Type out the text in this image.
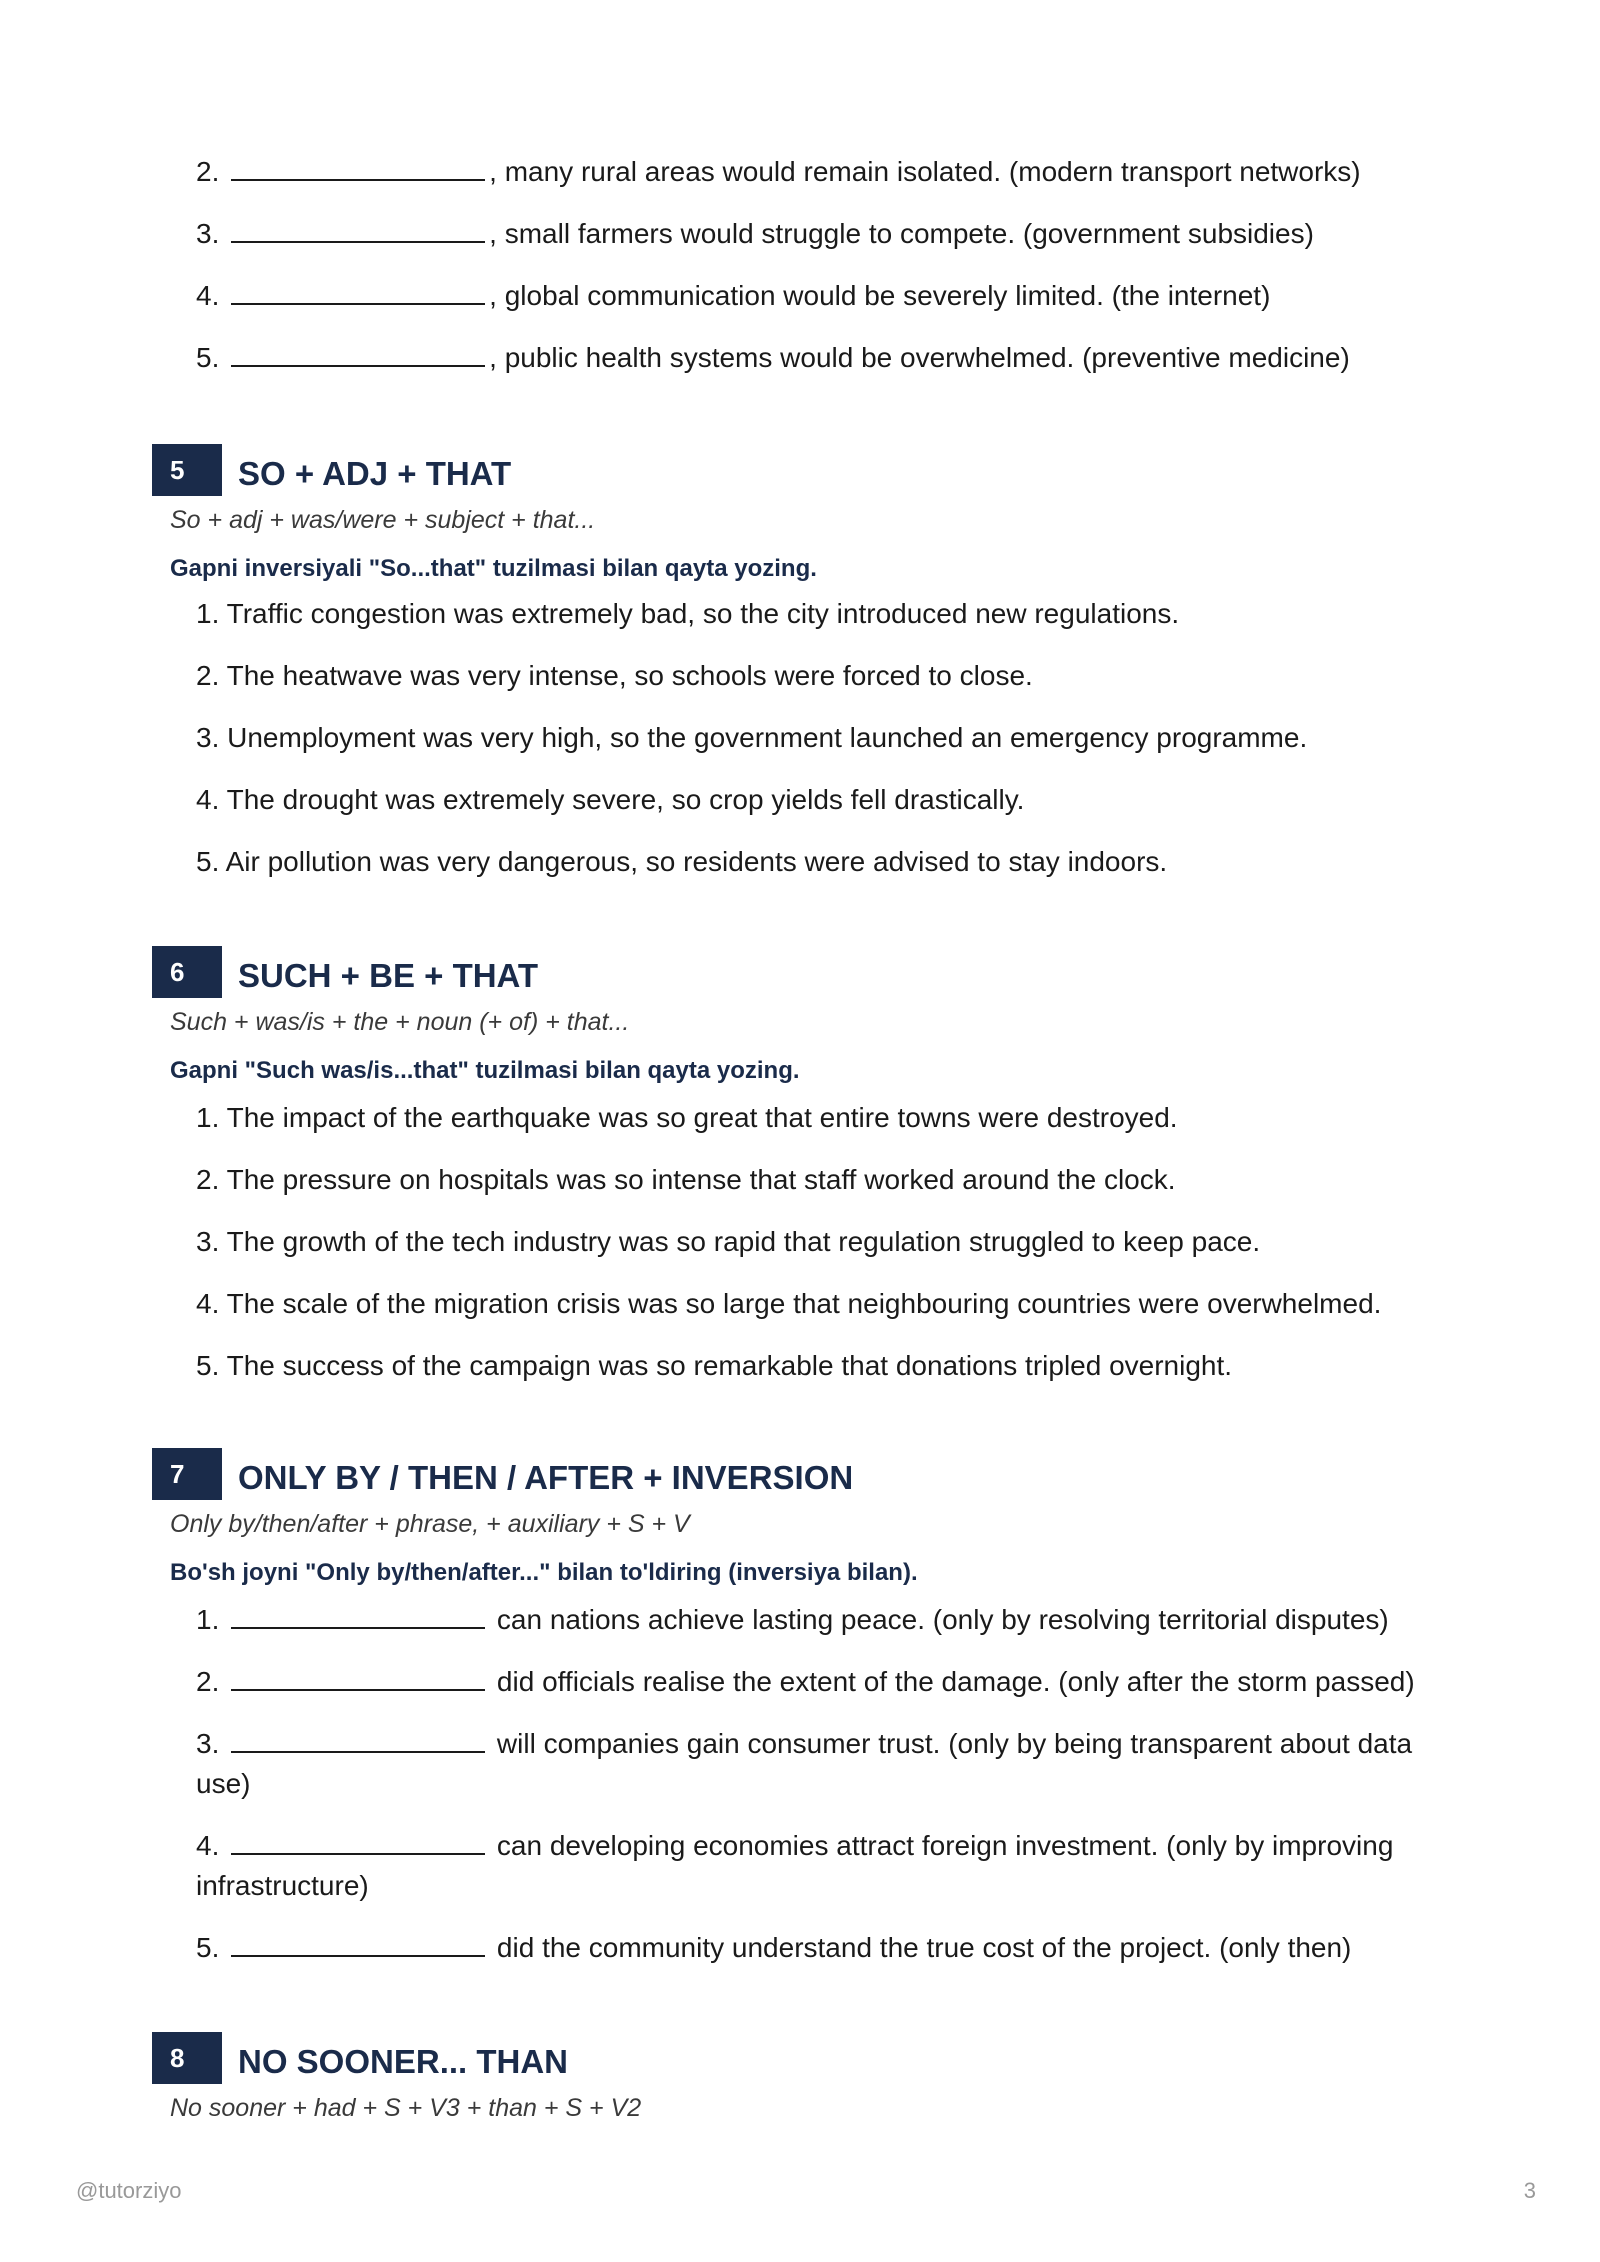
2.	, many rural areas would remain isolated. (modern transport networks)
3.	, small farmers would struggle to compete. (government subsidies)
4.	, global communication would be severely limited. (the internet)
5.	, public health systems would be overwhelmed. (preventive medicine)
5	SO + ADJ + THAT
So + adj + was/were + subject + that...
Gapni inversiyali "So...that" tuzilmasi bilan qayta yozing.
1. Traffic congestion was extremely bad, so the city introduced new regulations.
2. The heatwave was very intense, so schools were forced to close.
3. Unemployment was very high, so the government launched an emergency programme.
4. The drought was extremely severe, so crop yields fell drastically.
5. Air pollution was very dangerous, so residents were advised to stay indoors.
6	SUCH + BE + THAT
Such + was/is + the + noun (+ of) + that...
Gapni "Such was/is...that" tuzilmasi bilan qayta yozing.
1. The impact of the earthquake was so great that entire towns were destroyed.
2. The pressure on hospitals was so intense that staff worked around the clock.
3. The growth of the tech industry was so rapid that regulation struggled to keep pace.
4. The scale of the migration crisis was so large that neighbouring countries were overwhelmed.
5. The success of the campaign was so remarkable that donations tripled overnight.
7	ONLY BY / THEN / AFTER + INVERSION
Only by/then/after + phrase, + auxiliary + S + V
Bo'sh joyni "Only by/then/after..." bilan to'ldiring (inversiya bilan).
1.	can nations achieve lasting peace. (only by resolving territorial disputes)
2.	did officials realise the extent of the damage. (only after the storm passed)
3.	will companies gain consumer trust. (only by being transparent about data use)
4.	can developing economies attract foreign investment. (only by improving infrastructure)
5.	did the community understand the true cost of the project. (only then)
8	NO SOONER... THAN
No sooner + had + S + V3 + than + S + V2
@tutorziyo	3
